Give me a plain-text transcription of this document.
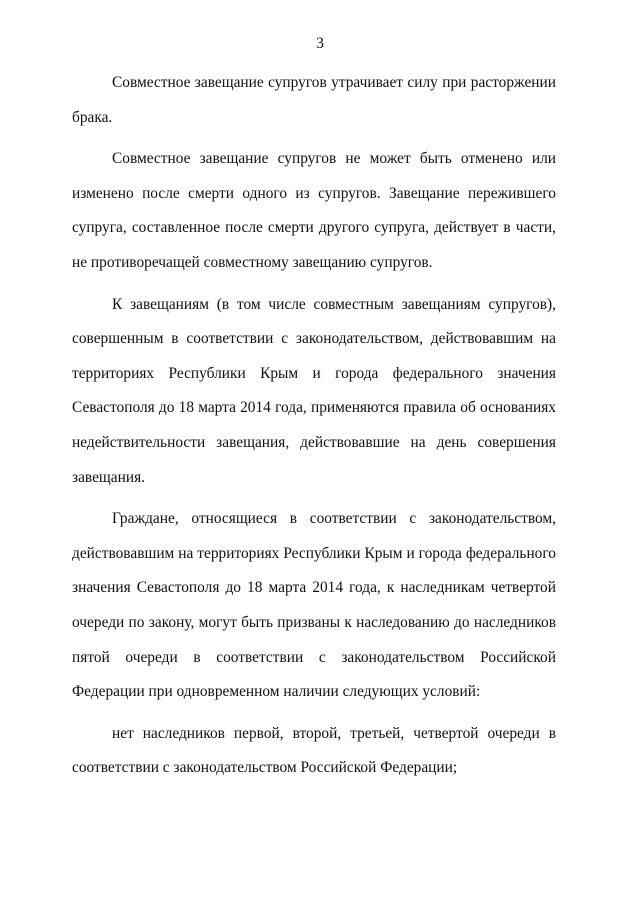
3

Совместное завещание супругов утрачивает силу при расторжении брака.

Совместное завещание супругов не может быть отменено или изменено после смерти одного из супругов. Завещание пережившего супруга, составленное после смерти другого супруга, действует в части, не противоречащей совместному завещанию супругов.

К завещаниям (в том числе совместным завещаниям супругов), совершенным в соответствии с законодательством, действовавшим на территориях Республики Крым и города федерального значения Севастополя до 18 марта 2014 года, применяются правила об основаниях недействительности завещания, действовавшие на день совершения завещания.

Граждане, относящиеся в соответствии с законодательством, действовавшим на территориях Республики Крым и города федерального значения Севастополя до 18 марта 2014 года, к наследникам четвертой очереди по закону, могут быть призваны к наследованию до наследников пятой очереди в соответствии с законодательством Российской Федерации при одновременном наличии следующих условий:

нет наследников первой, второй, третьей, четвертой очереди в соответствии с законодательством Российской Федерации;
